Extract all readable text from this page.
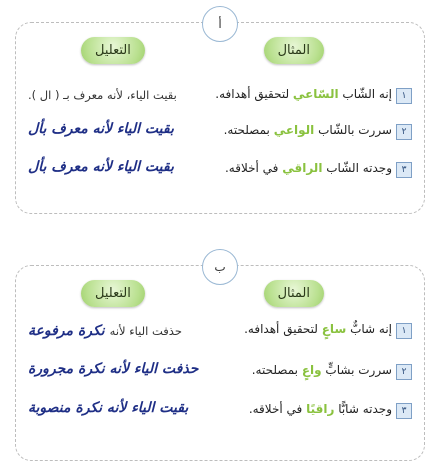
أ
المثال
التعليل
١
إنه الشّاب السّاعي لتحقيق أهدافه.
بقيت الياء، لأنه معرف بـ ( ال ).
٢
سررت بالشّاب الواعي بمصلحته.
بقيت الياء لأنه معرف بأل
٣
وجدته الشّاب الراقي في أخلاقه.
بقيت الياء لأنه معرف بأل
ب
المثال
التعليل
١
إنه شابٌّ ساعٍ لتحقيق أهدافه.
حذفت الياء لأنه نكرة مرفوعة
٢
سررت بشابٍّ واعٍ بمصلحته.
حذفت الياء لأنه نكرة مجرورة
٣
وجدته شابًّا راقيًا في أخلاقه.
بقيت الياء لأنه نكرة منصوبة
